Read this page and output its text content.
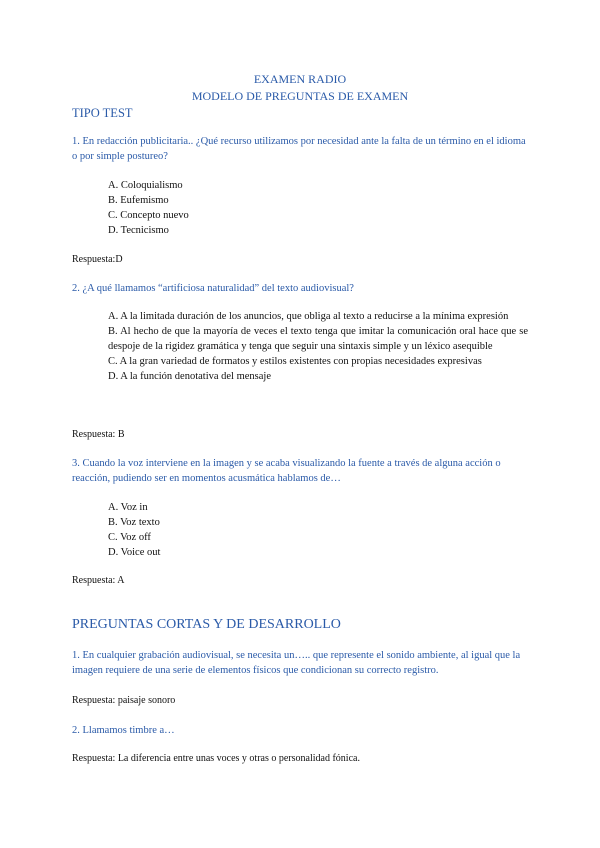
EXAMEN RADIO

MODELO DE PREGUNTAS DE EXAMEN

TIPO TEST

1. En redacción publicitaria.. ¿Qué recurso utilizamos por necesidad ante la falta de un término en el idioma o por simple postureo?

A. Coloquialismo

B. Eufemismo

C. Concepto nuevo

D. Tecnicismo

Respuesta:D

2. ¿A qué llamamos “artificiosa naturalidad” del texto audiovisual?

A. A la limitada duración de los anuncios, que obliga al texto a reducirse a la mínima expresión

B. Al hecho de que la mayoría de veces el texto tenga que imitar la comunicación oral hace que se despoje de la rigidez gramática y tenga que seguir una sintaxis simple y un léxico asequible

C. A la gran variedad de formatos y estilos existentes con propias necesidades expresivas

D. A la función denotativa del mensaje

Respuesta: B

3. Cuando la voz interviene en la imagen y se acaba visualizando la fuente a través de alguna acción o reacción, pudiendo ser en momentos acusmática hablamos de…

A. Voz in

B. Voz texto

C. Voz off

D. Voice out

Respuesta: A

PREGUNTAS CORTAS Y DE DESARROLLO

1. En cualquier grabación audiovisual, se necesita un….. que represente el sonido ambiente, al igual que la imagen requiere de una serie de elementos físicos que condicionan su correcto registro.

Respuesta: paisaje sonoro

2. Llamamos timbre a…

Respuesta: La diferencia entre unas voces y otras o personalidad fónica.
